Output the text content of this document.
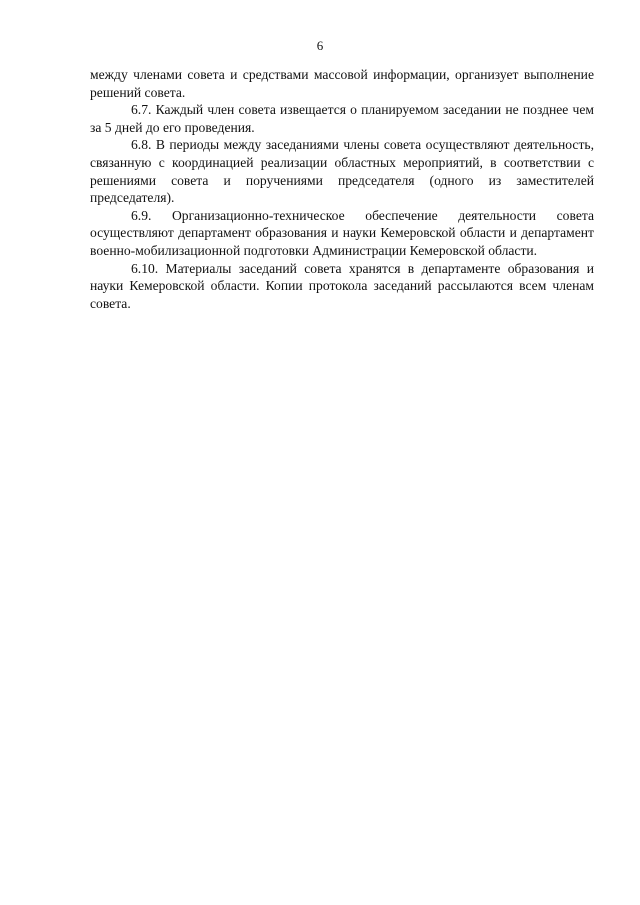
6

между членами совета и средствами массовой информации, организует выполнение решений совета.

6.7. Каждый член совета извещается о планируемом заседании не позднее чем за 5 дней до его проведения.

6.8. В периоды между заседаниями члены совета осуществляют деятельность, связанную с координацией реализации областных мероприятий, в соответствии с решениями совета и поручениями председателя (одного из заместителей председателя).

6.9. Организационно-техническое обеспечение деятельности совета осуществляют департамент образования и науки Кемеровской области и департамент военно-мобилизационной подготовки Администрации Кемеровской области.

6.10. Материалы заседаний совета хранятся в департаменте образования и науки Кемеровской области. Копии протокола заседаний рассылаются всем членам совета.
